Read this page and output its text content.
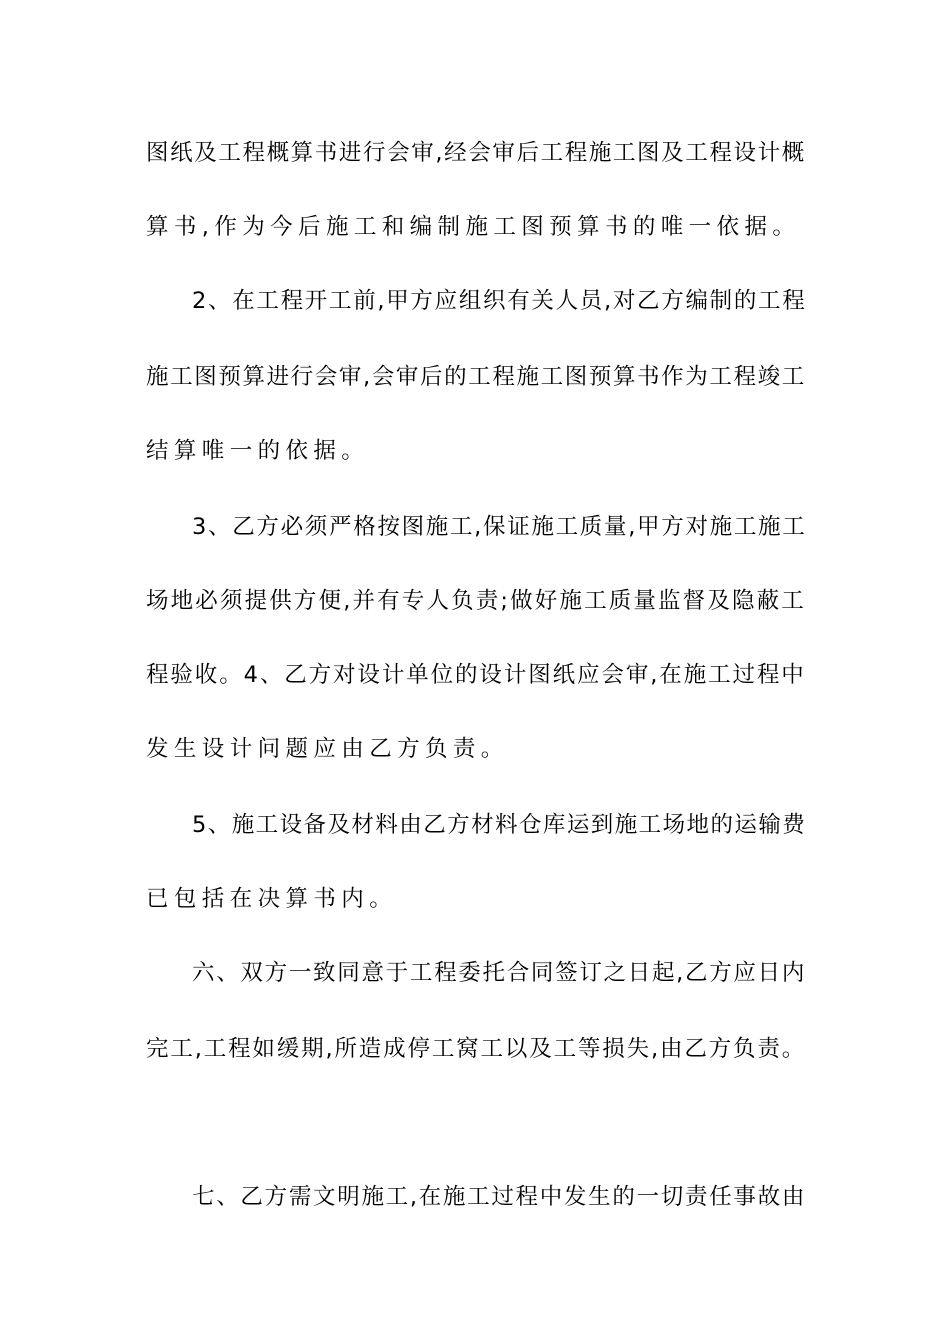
图纸及工程概算书进行会审,经会审后工程施工图及工程设计概
算书,作为今后施工和编制施工图预算书的唯一依据。
2、在工程开工前,甲方应组织有关人员,对乙方编制的工程
施工图预算进行会审,会审后的工程施工图预算书作为工程竣工
结算唯一的依据。
3、乙方必须严格按图施工,保证施工质量,甲方对施工施工
场地必须提供方便,并有专人负责;做好施工质量监督及隐蔽工
程验收。4、乙方对设计单位的设计图纸应会审,在施工过程中
发生设计问题应由乙方负责。
5、施工设备及材料由乙方材料仓库运到施工场地的运输费
已包括在决算书内。
六、双方一致同意于工程委托合同签订之日起,乙方应日内
完工,工程如缓期,所造成停工窝工以及工等损失,由乙方负责。
七、乙方需文明施工,在施工过程中发生的一切责任事故由
